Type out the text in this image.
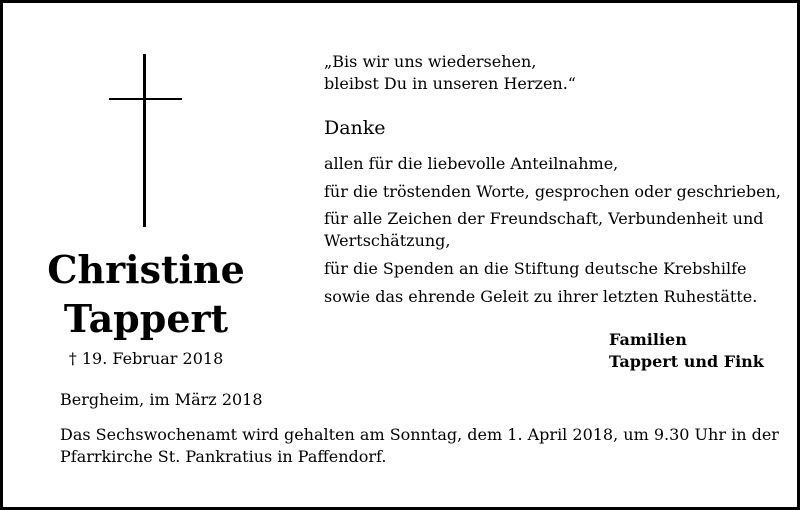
Christine
Tappert
† 19. Februar 2018
„Bis wir uns wiedersehen,
bleibst Du in unseren Herzen.“
Danke
allen für die liebevolle Anteilnahme,
für die tröstenden Worte, gesprochen oder geschrieben,
für alle Zeichen der Freundschaft, Verbundenheit und
Wertschätzung,
für die Spenden an die Stiftung deutsche Krebshilfe
sowie das ehrende Geleit zu ihrer letzten Ruhestätte.
Familien
Tappert und Fink
Bergheim, im März 2018
Das Sechswochenamt wird gehalten am Sonntag, dem 1. April 2018, um 9.30 Uhr in der
Pfarrkirche St. Pankratius in Paffendorf.
